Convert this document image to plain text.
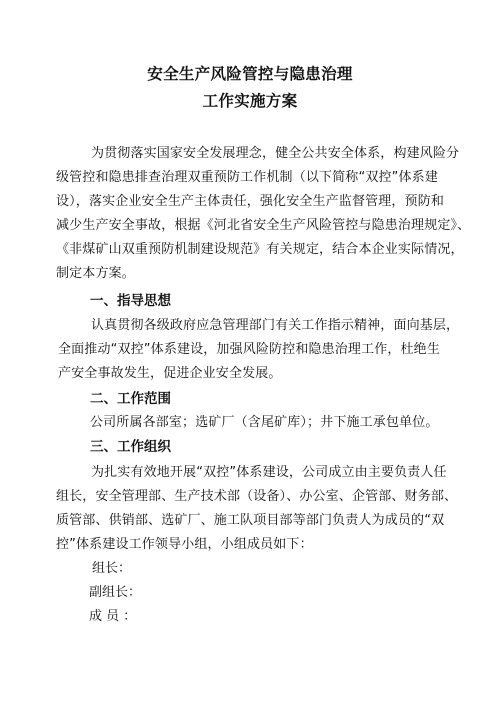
安全生产风险管控与隐患治理
工作实施方案
为贯彻落实国家安全发展理念，健全公共安全体系，构建风险分
级管控和隐患排查治理双重预防工作机制（以下简称“双控”体系建
设），落实企业安全生产主体责任，强化安全生产监督管理，预防和
减少生产安全事故，根据《河北省安全生产风险管控与隐患治理规定》、
《非煤矿山双重预防机制建设规范》有关规定，结合本企业实际情况，
制定本方案。
一、指导思想
认真贯彻各级政府应急管理部门有关工作指示精神，面向基层，
全面推动“双控”体系建设，加强风险防控和隐患治理工作，杜绝生
产安全事故发生，促进企业安全发展。
二、工作范围
公司所属各部室；选矿厂（含尾矿库）；井下施工承包单位。
三、工作组织
为扎实有效地开展“双控”体系建设，公司成立由主要负责人任
组长，安全管理部、生产技术部（设备）、办公室、企管部、财务部、
质管部、供销部、选矿厂、施工队项目部等部门负责人为成员的“双
控”体系建设工作领导小组，小组成员如下：
组长：
副组长：
成 员 ：
